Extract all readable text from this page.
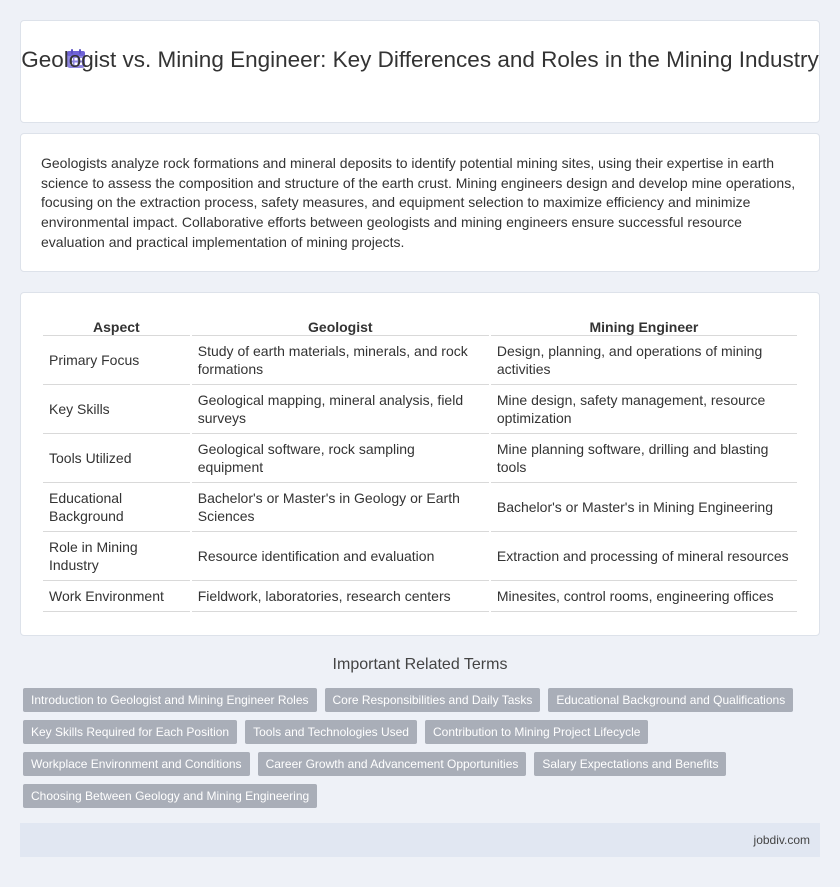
Geologist vs. Mining Engineer: Key Differences and Roles in the Mining Industry

Geologists analyze rock formations and mineral deposits to identify potential mining sites, using their expertise in earth science to assess the composition and structure of the earth crust. Mining engineers design and develop mine operations, focusing on the extraction process, safety measures, and equipment selection to maximize efficiency and minimize environmental impact. Collaborative efforts between geologists and mining engineers ensure successful resource evaluation and practical implementation of mining projects.

Aspect	Geologist	Mining Engineer
Primary Focus	Study of earth materials, minerals, and rock formations	Design, planning, and operations of mining activities
Key Skills	Geological mapping, mineral analysis, field surveys	Mine design, safety management, resource optimization
Tools Utilized	Geological software, rock sampling equipment	Mine planning software, drilling and blasting tools
Educational Background	Bachelor's or Master's in Geology or Earth Sciences	Bachelor's or Master's in Mining Engineering
Role in Mining Industry	Resource identification and evaluation	Extraction and processing of mineral resources
Work Environment	Fieldwork, laboratories, research centers	Minesites, control rooms, engineering offices
Important Related Terms
Introduction to Geologist and Mining Engineer Roles	Core Responsibilities and Daily Tasks	Educational Background and Qualifications
Key Skills Required for Each Position	Tools and Technologies Used	Contribution to Mining Project Lifecycle
Workplace Environment and Conditions	Career Growth and Advancement Opportunities	Salary Expectations and Benefits
Choosing Between Geology and Mining Engineering
jobdiv.com
